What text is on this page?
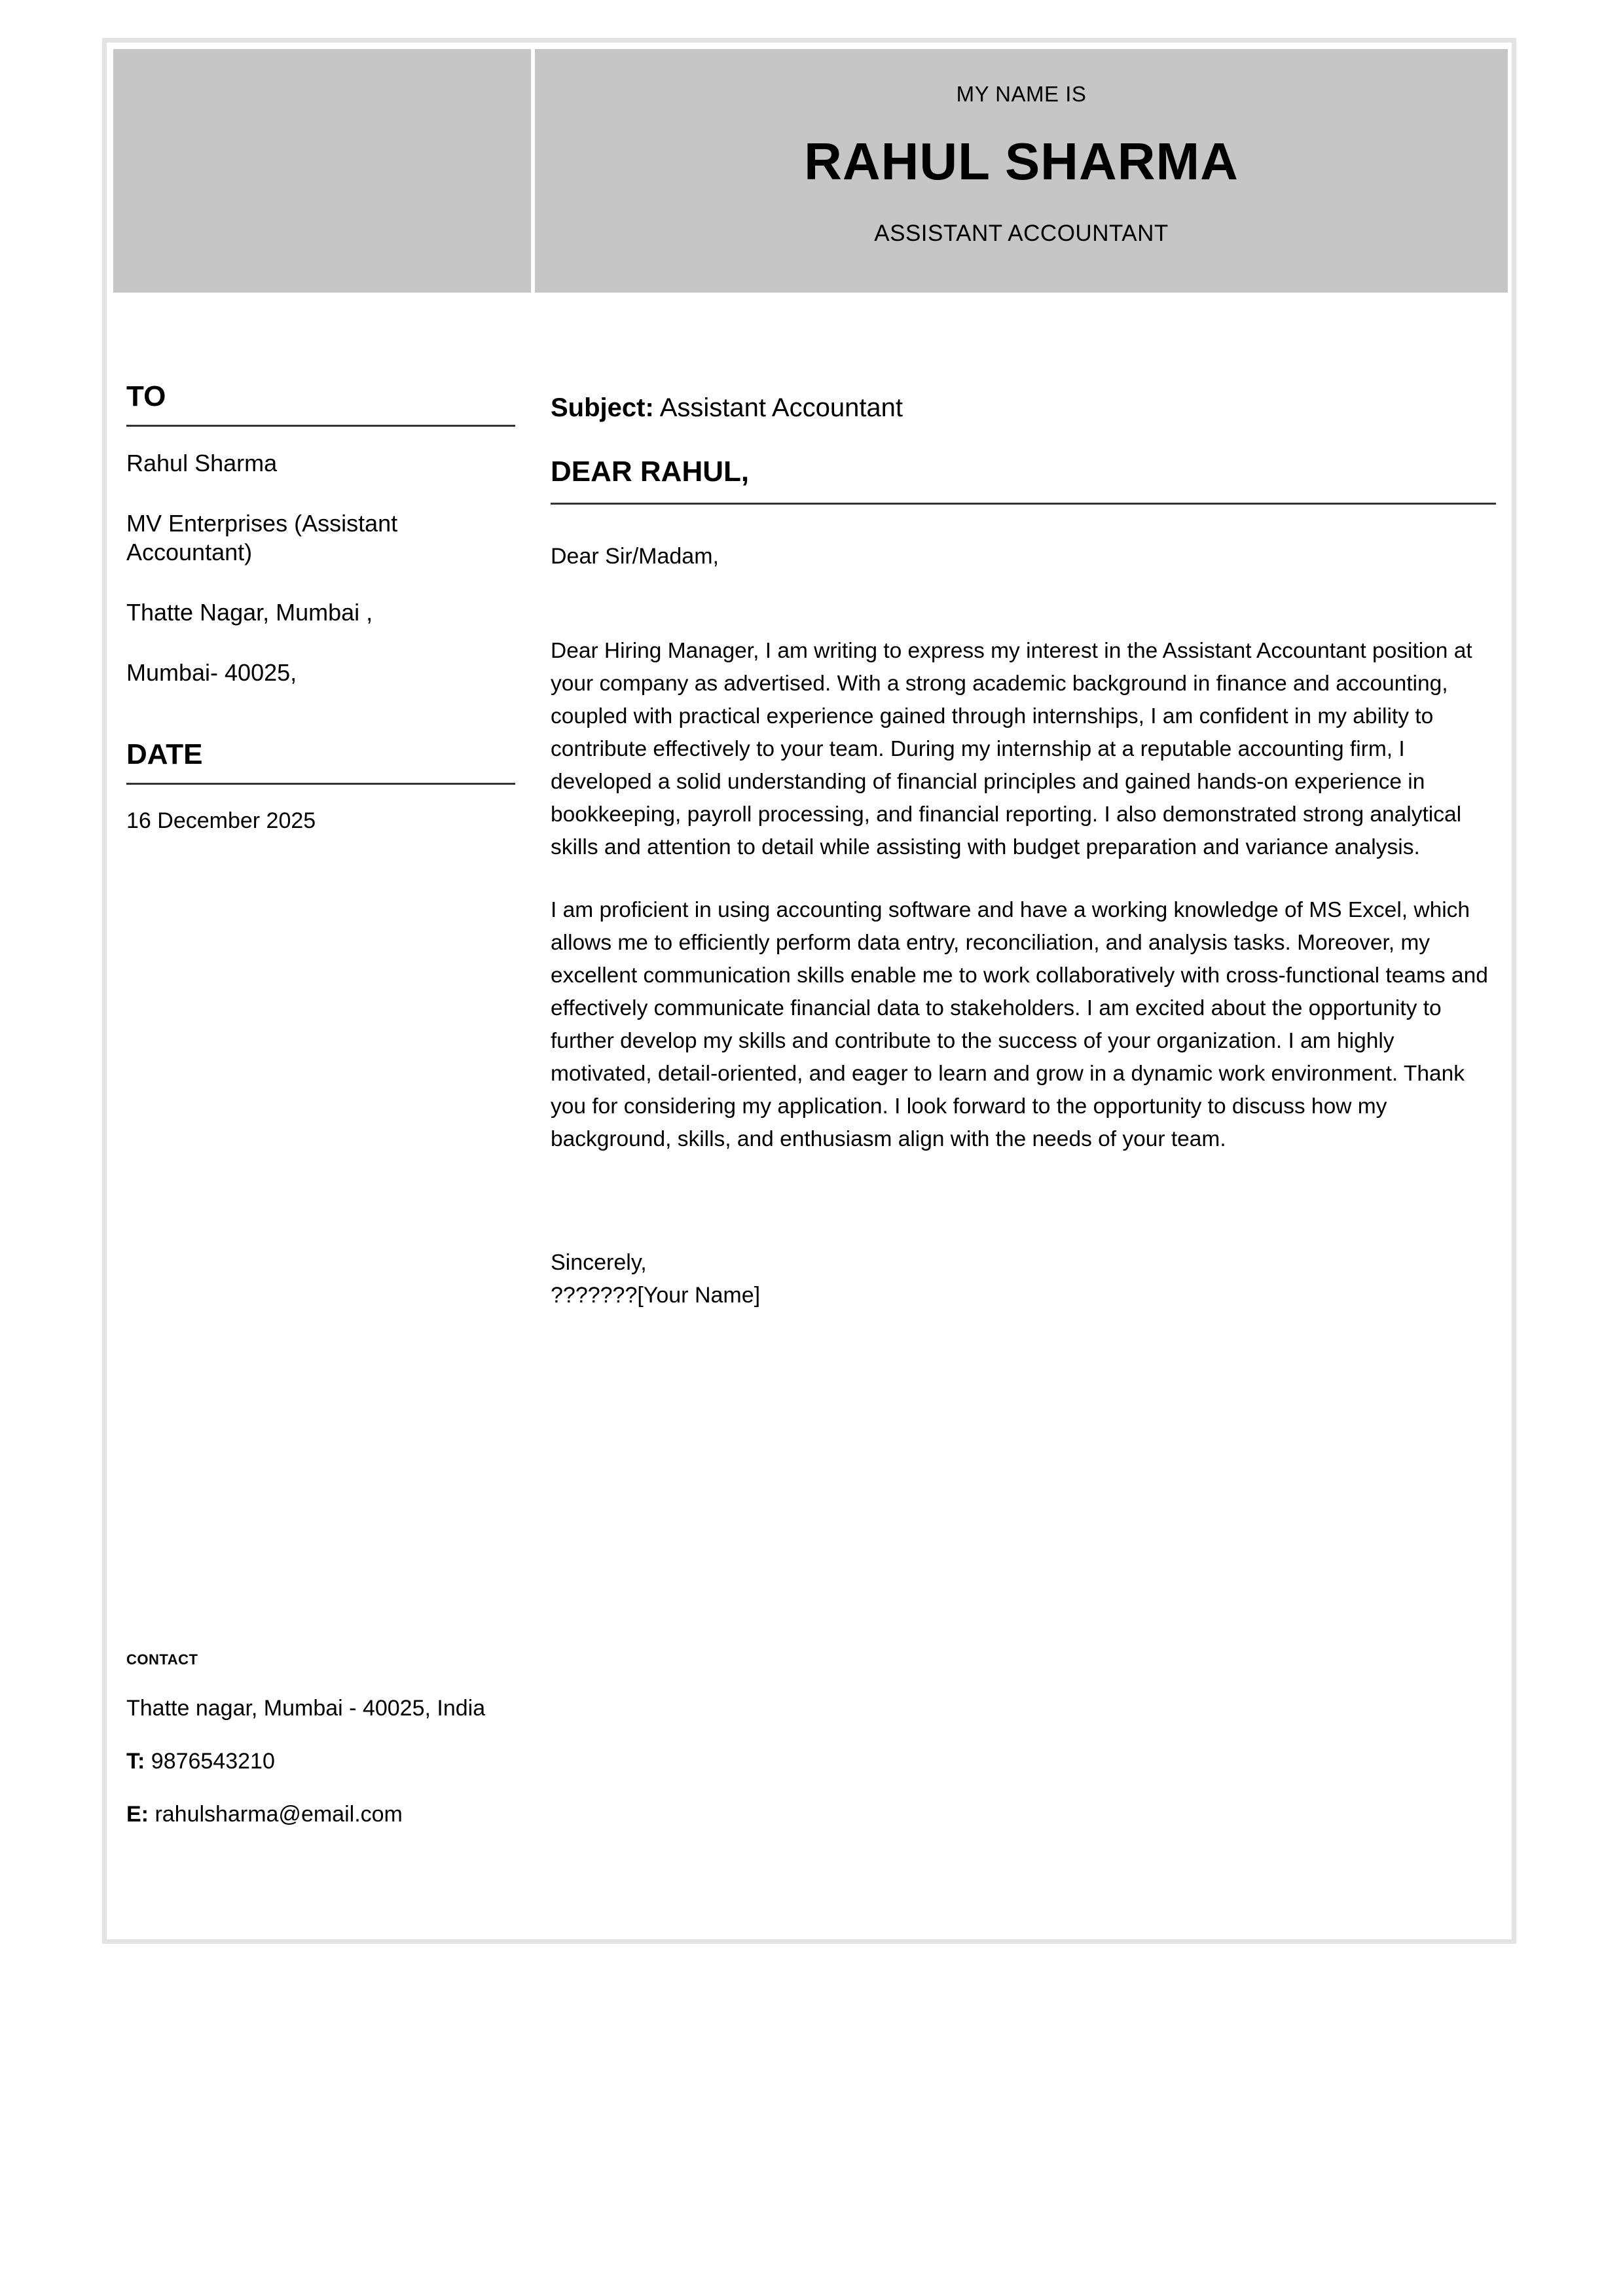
MY NAME IS
RAHUL SHARMA
ASSISTANT ACCOUNTANT
TO
Rahul Sharma
MV Enterprises (Assistant Accountant)
Thatte Nagar, Mumbai ,
Mumbai- 40025,
DATE
16 December 2025
CONTACT
Thatte nagar, Mumbai - 40025, India
T: 9876543210
E: rahulsharma@email.com
Subject: Assistant Accountant
DEAR RAHUL,
Dear Sir/Madam,

Dear Hiring Manager, I am writing to express my interest in the Assistant Accountant position at your company as advertised. With a strong academic background in finance and accounting, coupled with practical experience gained through internships, I am confident in my ability to contribute effectively to your team. During my internship at a reputable accounting firm, I developed a solid understanding of financial principles and gained hands-on experience in bookkeeping, payroll processing, and financial reporting. I also demonstrated strong analytical skills and attention to detail while assisting with budget preparation and variance analysis.

I am proficient in using accounting software and have a working knowledge of MS Excel, which allows me to efficiently perform data entry, reconciliation, and analysis tasks. Moreover, my excellent communication skills enable me to work collaboratively with cross-functional teams and effectively communicate financial data to stakeholders. I am excited about the opportunity to further develop my skills and contribute to the success of your organization. I am highly motivated, detail-oriented, and eager to learn and grow in a dynamic work environment. Thank you for considering my application. I look forward to the opportunity to discuss how my background, skills, and enthusiasm align with the needs of your team.

Sincerely,
???????[Your Name]
